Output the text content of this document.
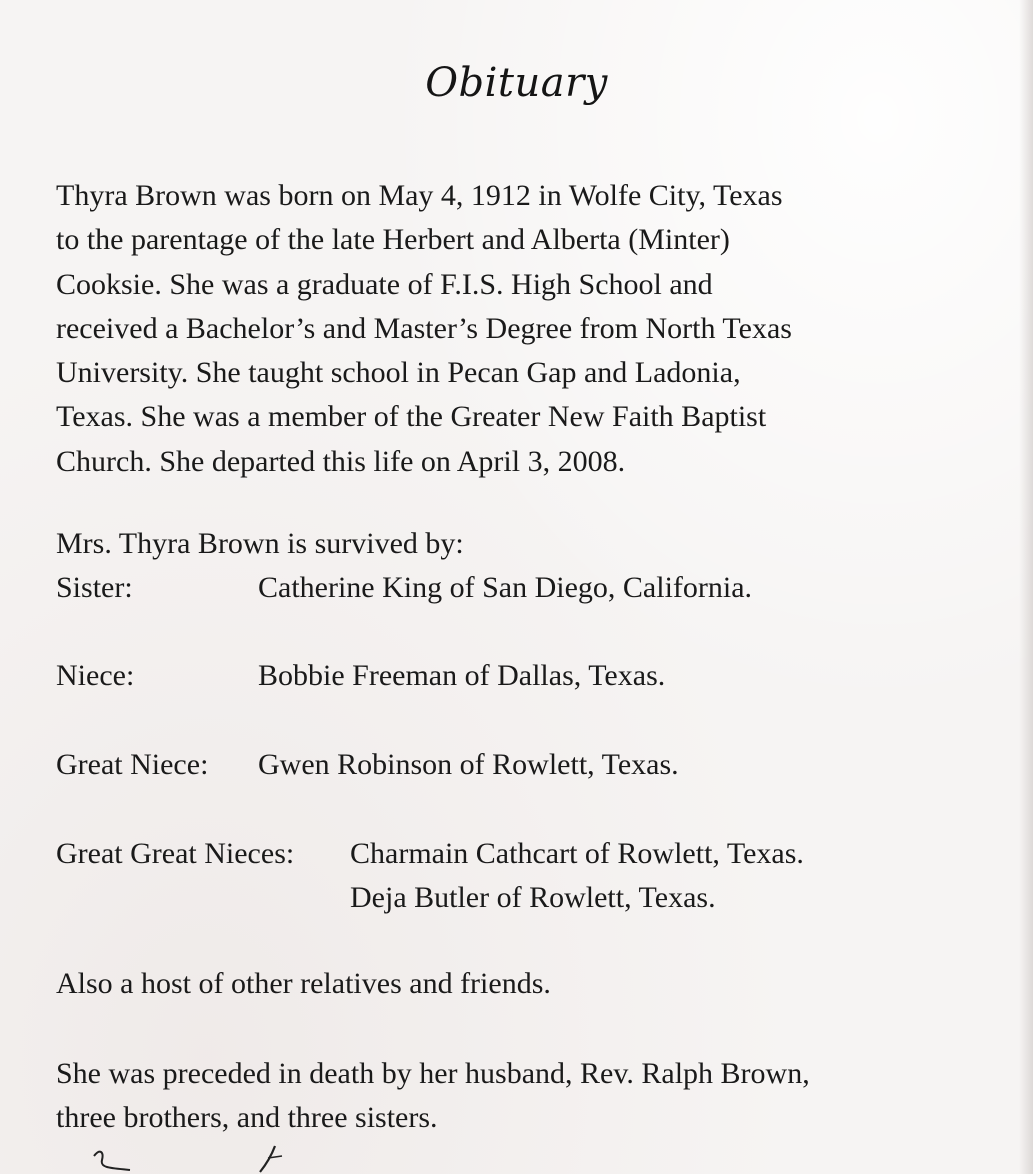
Obituary
Thyra Brown was born on May 4, 1912 in Wolfe City, Texas
to the parentage of the late Herbert and Alberta (Minter)
Cooksie. She was a graduate of F.I.S. High School and
received a Bachelor’s and Master’s Degree from North Texas
University. She taught school in Pecan Gap and Ladonia,
Texas. She was a member of the Greater New Faith Baptist
Church. She departed this life on April 3, 2008.
Mrs. Thyra Brown is survived by:
Sister:	Catherine King of San Diego, California.
Niece:	Bobbie Freeman of Dallas, Texas.
Great Niece: Gwen Robinson of Rowlett, Texas.
Great Great Nieces: Charmain Cathcart of Rowlett, Texas.
Deja Butler of Rowlett, Texas.
Also a host of other relatives and friends.
She was preceded in death by her husband, Rev. Ralph Brown,
three brothers, and three sisters.
